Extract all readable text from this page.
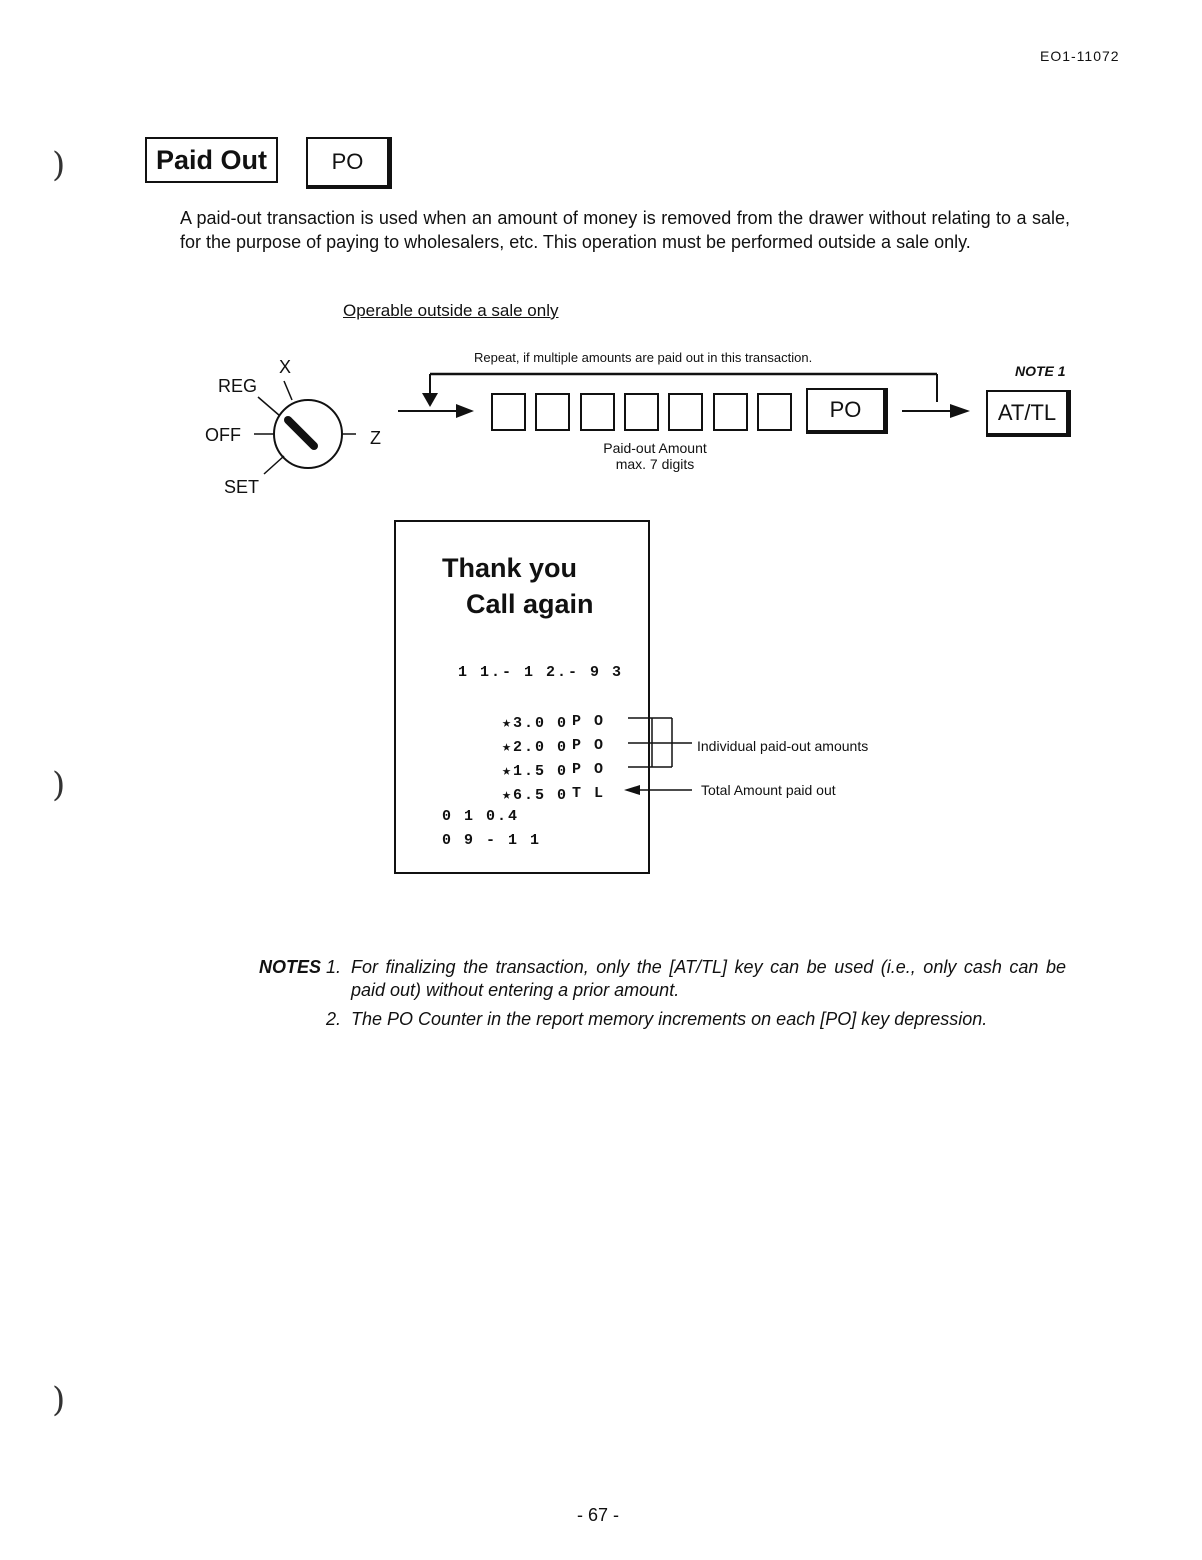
EO1-11072
)
)
)
Paid Out	PO
A paid-out transaction is used when an amount of money is removed from the drawer without relating to a sale, for the purpose of paying to wholesalers, etc. This operation must be performed outside a sale only.
Operable outside a sale only
X
REG
OFF	Z
SET
Repeat, if multiple amounts are paid out in this transaction.
NOTE 1
PO	AT/TL
Paid-out Amount
max. 7 digits
Thank you
Call again
1 1.- 1 2.- 9 3
★3.0 0 P O
★2.0 0 P O
★1.5 0 P O
★6.5 0 T L
0 1 0.4
0 9 - 1 1
Individual paid-out amounts
Total Amount paid out
NOTES 1. For finalizing the transaction, only the [AT/TL] key can be used (i.e., only cash can be paid out) without entering a prior amount.
2. The PO Counter in the report memory increments on each [PO] key depression.
- 67 -
